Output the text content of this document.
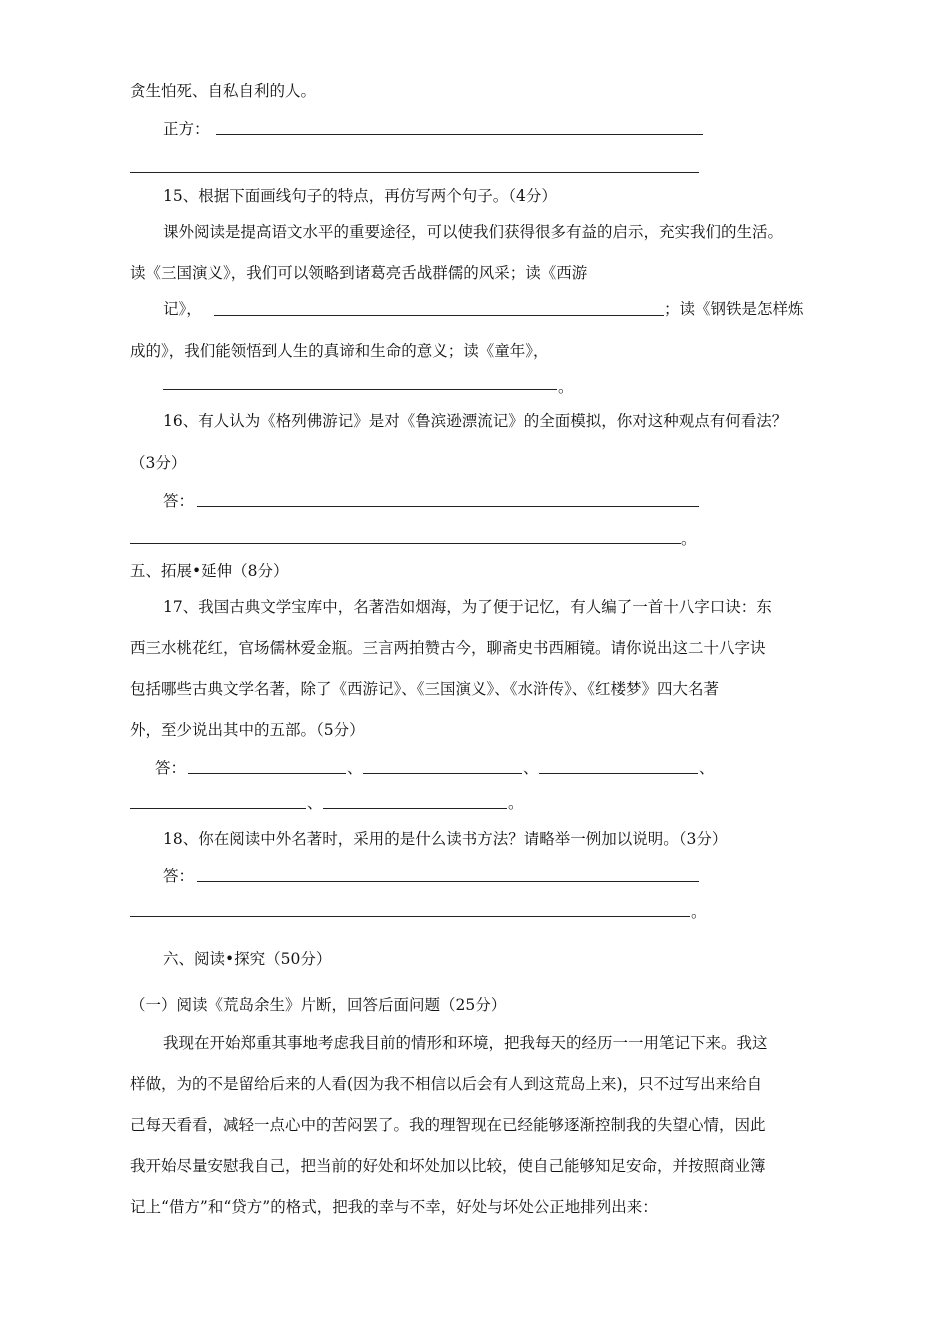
贪生怕死、自私自利的人。
正方：
15、根据下面画线句子的特点，再仿写两个句子。（4分）
课外阅读是提高语文水平的重要途径，可以使我们获得很多有益的启示，充实我们的生活。
读《三国演义》，我们可以领略到诸葛亮舌战群儒的风采；读《西游
记》，	；读《钢铁是怎样炼
成的》，我们能领悟到人生的真谛和生命的意义；读《童年》，
。
16、有人认为《格列佛游记》是对《鲁滨逊漂流记》的全面模拟，你对这种观点有何看法？
（3分）
答：
。
五、拓展•延伸（8分）
17、我国古典文学宝库中，名著浩如烟海，为了便于记忆，有人编了一首十八字口诀：东
西三水桃花红，官场儒林爱金瓶。三言两拍赞古今，聊斋史书西厢镜。请你说出这二十八字诀
包括哪些古典文学名著，除了《西游记》、《三国演义》、《水浒传》、《红楼梦》四大名著
外，至少说出其中的五部。（5分）
答：	、	、	、
、	。
18、你在阅读中外名著时，采用的是什么读书方法？请略举一例加以说明。（3分）
答：
。
六、阅读•探究（50分）
（一）阅读《荒岛余生》片断，回答后面问题（25分）
我现在开始郑重其事地考虑我目前的情形和环境，把我每天的经历一一用笔记下来。我这
样做，为的不是留给后来的人看(因为我不相信以后会有人到这荒岛上来)，只不过写出来给自
己每天看看，减轻一点心中的苦闷罢了。我的理智现在已经能够逐渐控制我的失望心情，因此
我开始尽量安慰我自己，把当前的好处和坏处加以比较，使自己能够知足安命，并按照商业簿
记上“借方”和“贷方”的格式，把我的幸与不幸，好处与坏处公正地排列出来：
